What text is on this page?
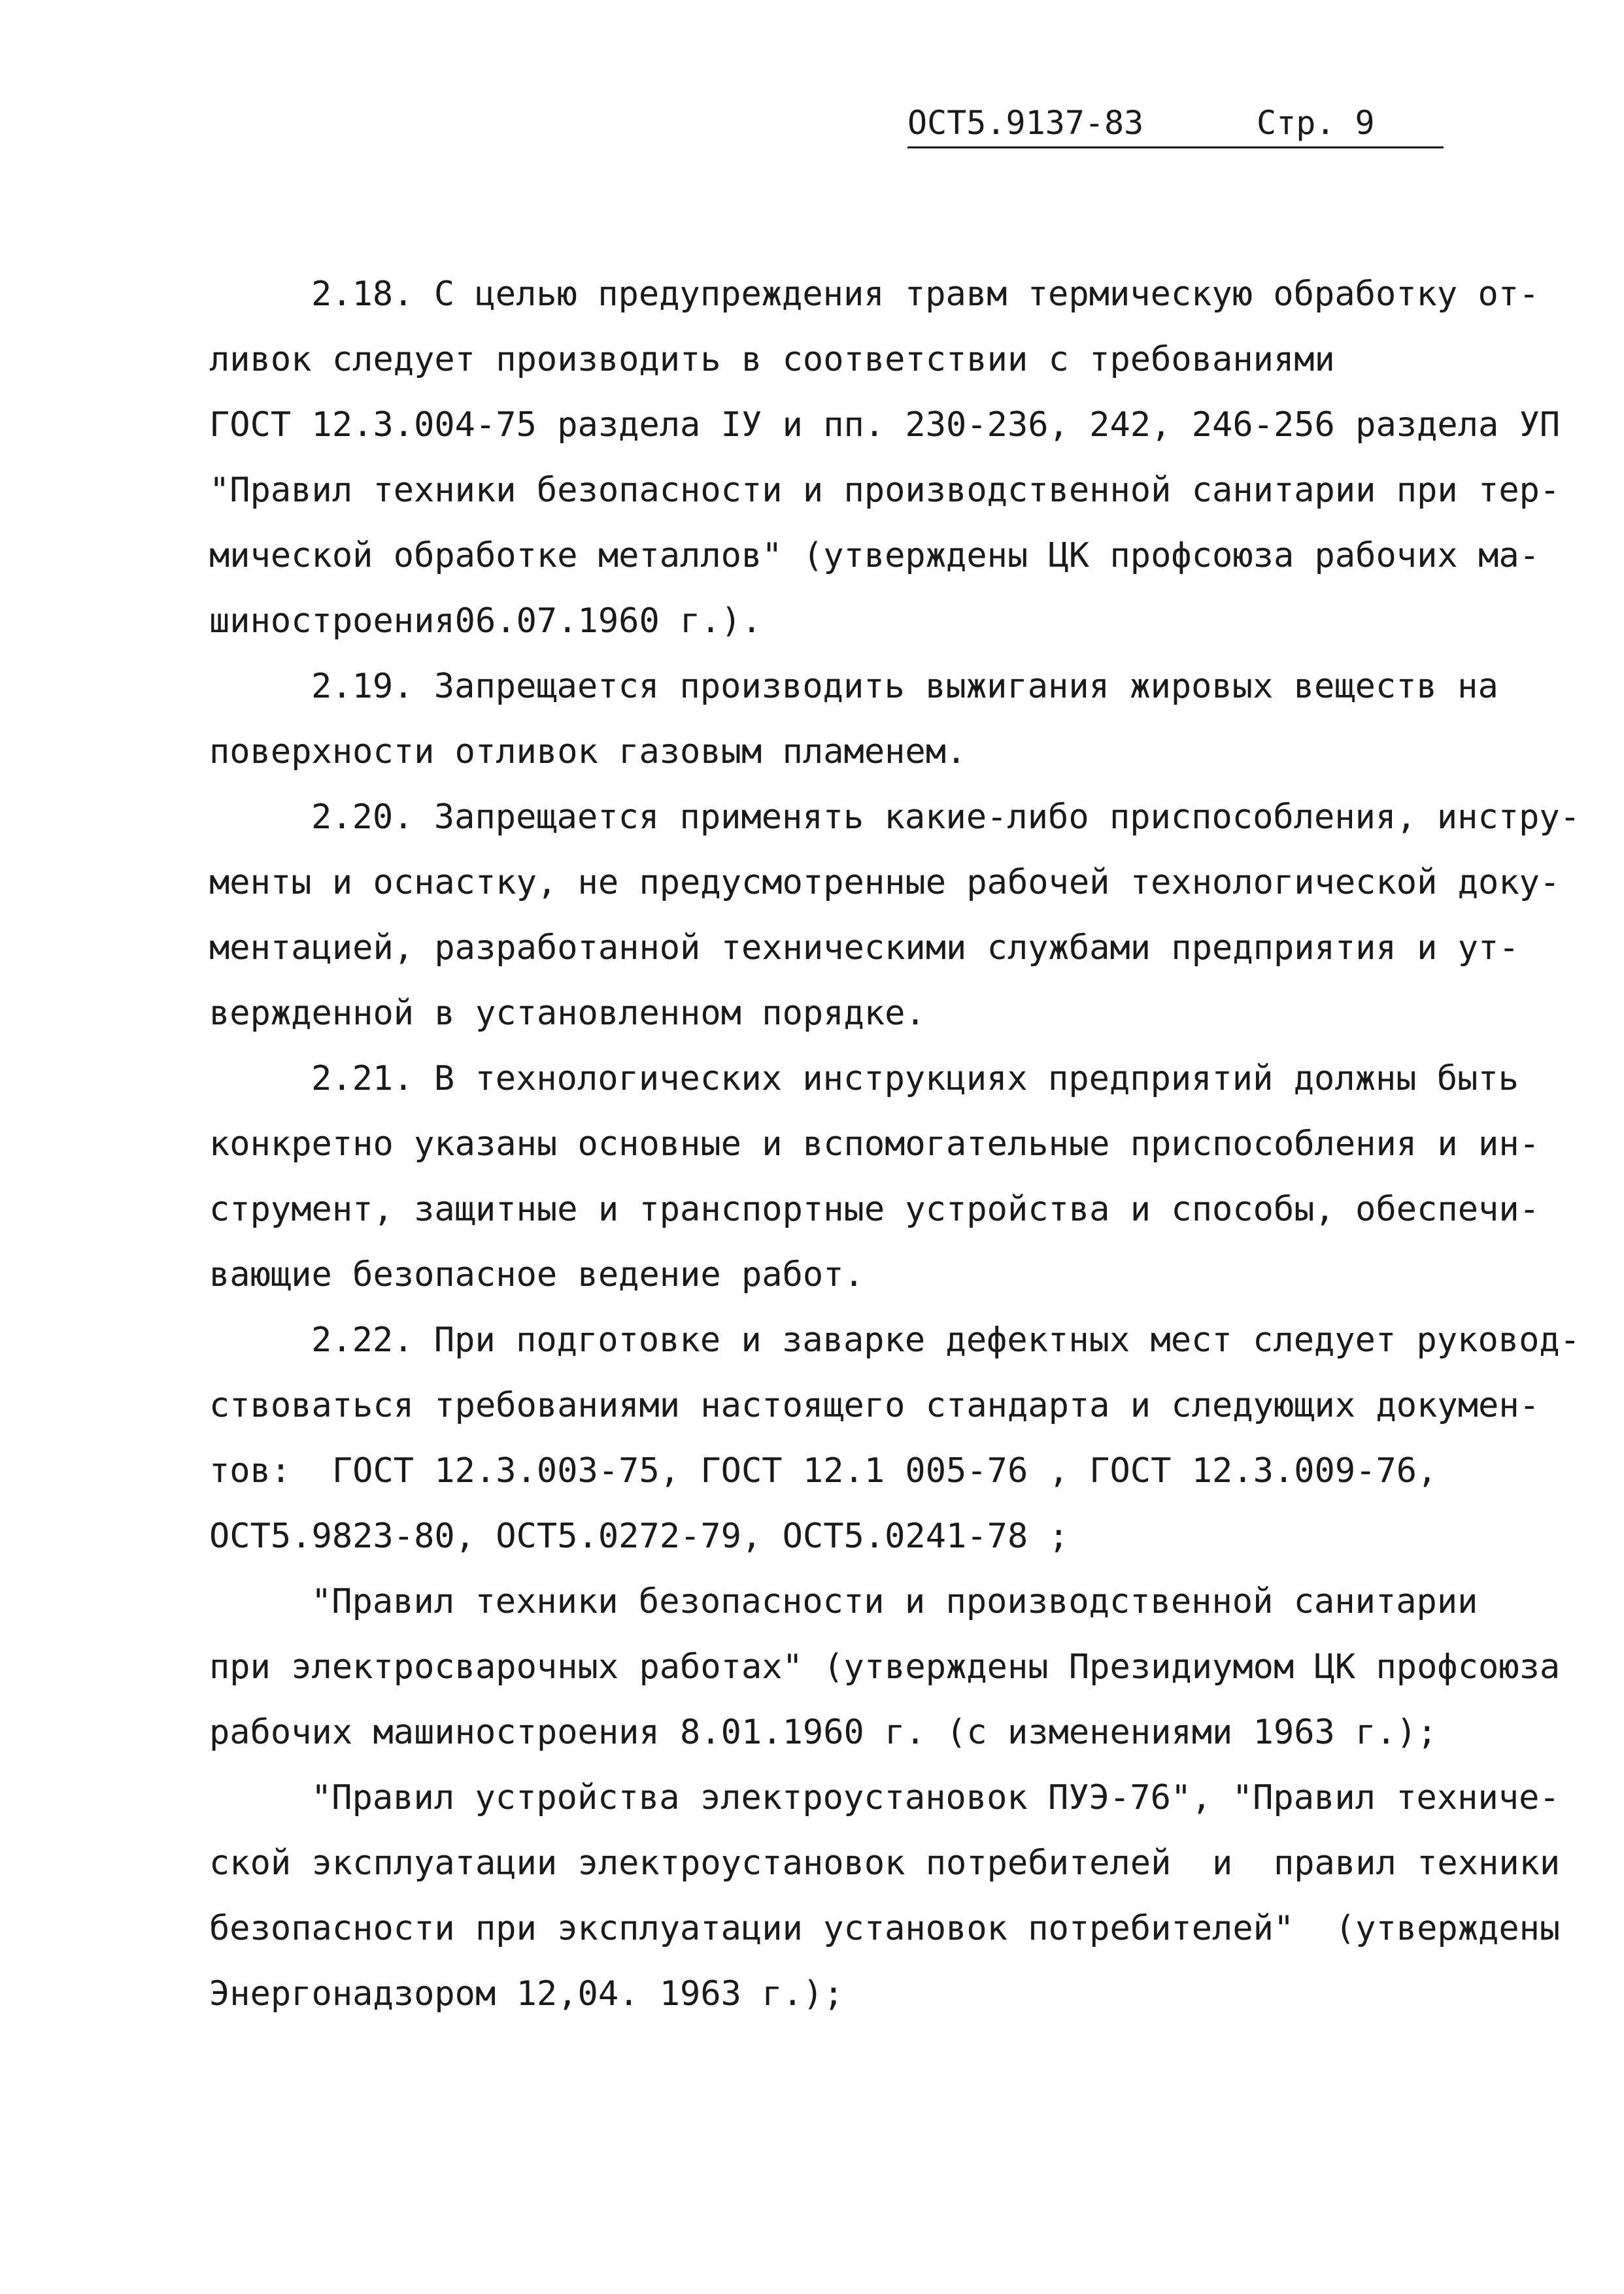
ОСТ5.9137-83

	Стр. 9

2.18. С целью предупреждения травм термическую обработку от-
ливок следует производить в соответствии с требованиями
ГОСТ 12.3.004-75 раздела IУ и пп. 230-236, 242, 246-256 раздела УП
"Правил техники безопасности и производственной санитарии при тер-
мической обработке металлов" (утверждены ЦК профсоюза рабочих ма-
шиностроения06.07.1960 г.).
2.19. Запрещается производить выжигания жировых веществ на
поверхности отливок газовым пламенем.
2.20. Запрещается применять какие-либо приспособления, инстру-
менты и оснастку, не предусмотренные рабочей технологической доку-
ментацией, разработанной техническими службами предприятия и ут-
вержденной в установленном порядке.
2.21. В технологических инструкциях предприятий должны быть
конкретно указаны основные и вспомогательные приспособления и ин-
струмент, защитные и транспортные устройства и способы, обеспечи-
вающие безопасное ведение работ.
2.22. При подготовке и заварке дефектных мест следует руковод-
ствоваться требованиями настоящего стандарта и следующих докумен-
тов:  ГОСТ 12.3.003-75, ГОСТ 12.1 005-76 , ГОСТ 12.3.009-76,
ОСТ5.9823-80, ОСТ5.0272-79, ОСТ5.0241-78 ;
"Правил техники безопасности и производственной санитарии
при электросварочных работах" (утверждены Президиумом ЦК профсоюза
рабочих машиностроения 8.01.1960 г. (с изменениями 1963 г.);
"Правил устройства электроустановок ПУЭ-76", "Правил техниче-
ской эксплуатации электроустановок потребителей  и  правил техники
безопасности при эксплуатации установок потребителей"  (утверждены
Энергонадзором 12,04. 1963 г.);
